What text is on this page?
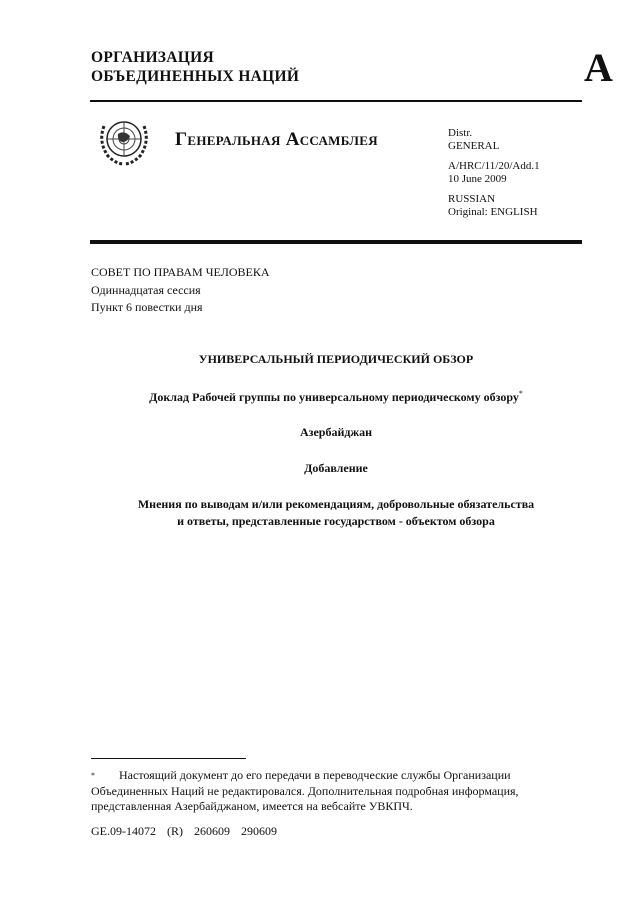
ОРГАНИЗАЦИЯ
ОБЪЕДИНЕННЫХ НАЦИЙ	A
Генеральная Ассамблея	Distr.
GENERAL

A/HRC/11/20/Add.1
10 June 2009

RUSSIAN
Original: ENGLISH

СОВЕТ ПО ПРАВАМ ЧЕЛОВЕКА
Одиннадцатая сессия
Пункт 6 повестки дня
УНИВЕРСАЛЬНЫЙ ПЕРИОДИЧЕСКИЙ ОБЗОР
Доклад Рабочей группы по универсальному периодическому обзору*
Азербайджан
Добавление
Мнения по выводам и/или рекомендациям, добровольные обязательства
и ответы, представленные государством - объектом обзора
* Настоящий документ до его передачи в переводческие службы Организации Объединенных Наций не редактировался. Дополнительная подробная информация, представленная Азербайджаном, имеется на вебсайте УВКПЧ.
GE.09-14072 (R) 260609 290609
